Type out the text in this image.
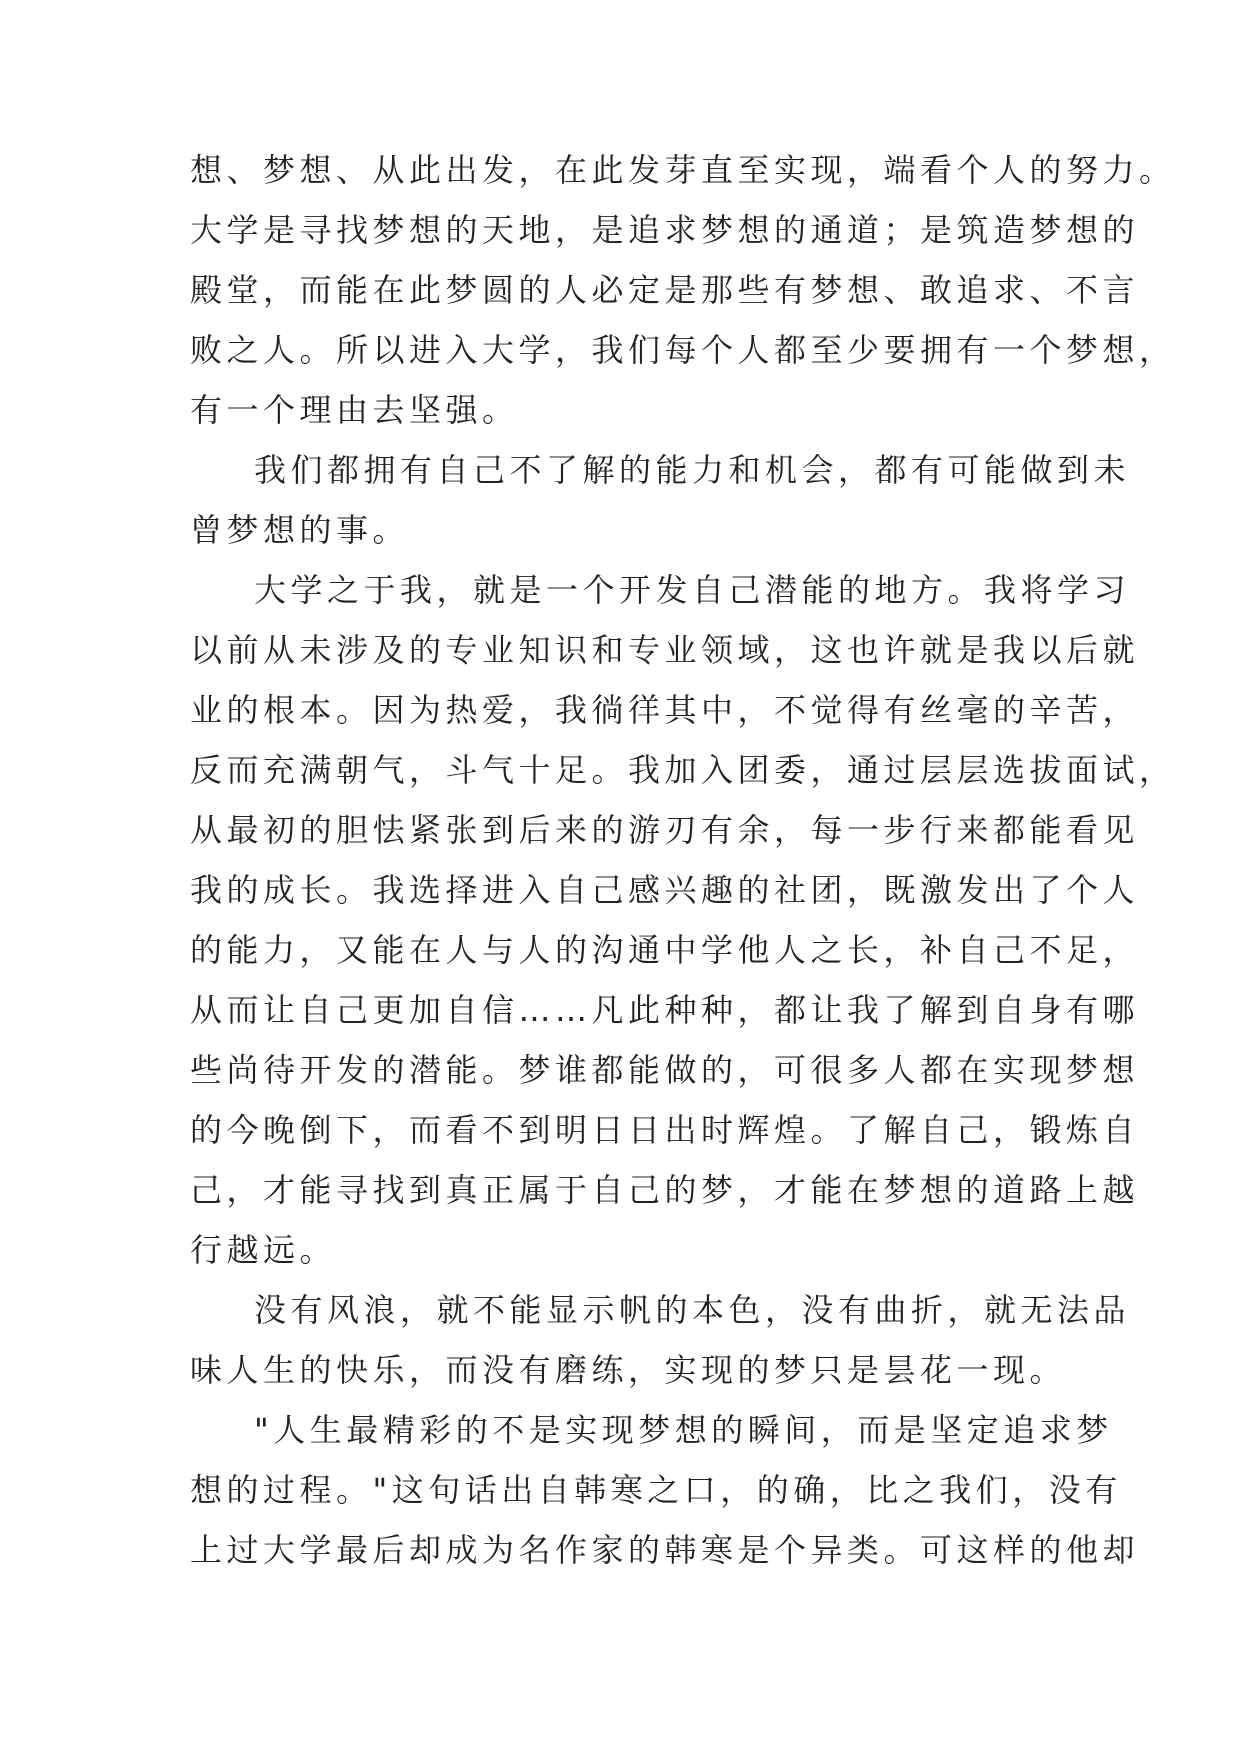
想、梦想、从此出发，在此发芽直至实现，端看个人的努力。
大学是寻找梦想的天地，是追求梦想的通道；是筑造梦想的
殿堂，而能在此梦圆的人必定是那些有梦想、敢追求、不言
败之人。所以进入大学，我们每个人都至少要拥有一个梦想，
有一个理由去坚强。
我们都拥有自己不了解的能力和机会，都有可能做到未
曾梦想的事。
大学之于我，就是一个开发自己潜能的地方。我将学习
以前从未涉及的专业知识和专业领域，这也许就是我以后就
业的根本。因为热爱，我徜徉其中，不觉得有丝毫的辛苦，
反而充满朝气，斗气十足。我加入团委，通过层层选拔面试，
从最初的胆怯紧张到后来的游刃有余，每一步行来都能看见
我的成长。我选择进入自己感兴趣的社团，既激发出了个人
的能力，又能在人与人的沟通中学他人之长，补自己不足，
从而让自己更加自信……凡此种种，都让我了解到自身有哪
些尚待开发的潜能。梦谁都能做的，可很多人都在实现梦想
的今晚倒下，而看不到明日日出时辉煌。了解自己，锻炼自
己，才能寻找到真正属于自己的梦，才能在梦想的道路上越
行越远。
没有风浪，就不能显示帆的本色，没有曲折，就无法品
味人生的快乐，而没有磨练，实现的梦只是昙花一现。
"人生最精彩的不是实现梦想的瞬间，而是坚定追求梦
想的过程。"这句话出自韩寒之口，的确，比之我们，没有
上过大学最后却成为名作家的韩寒是个异类。可这样的他却
